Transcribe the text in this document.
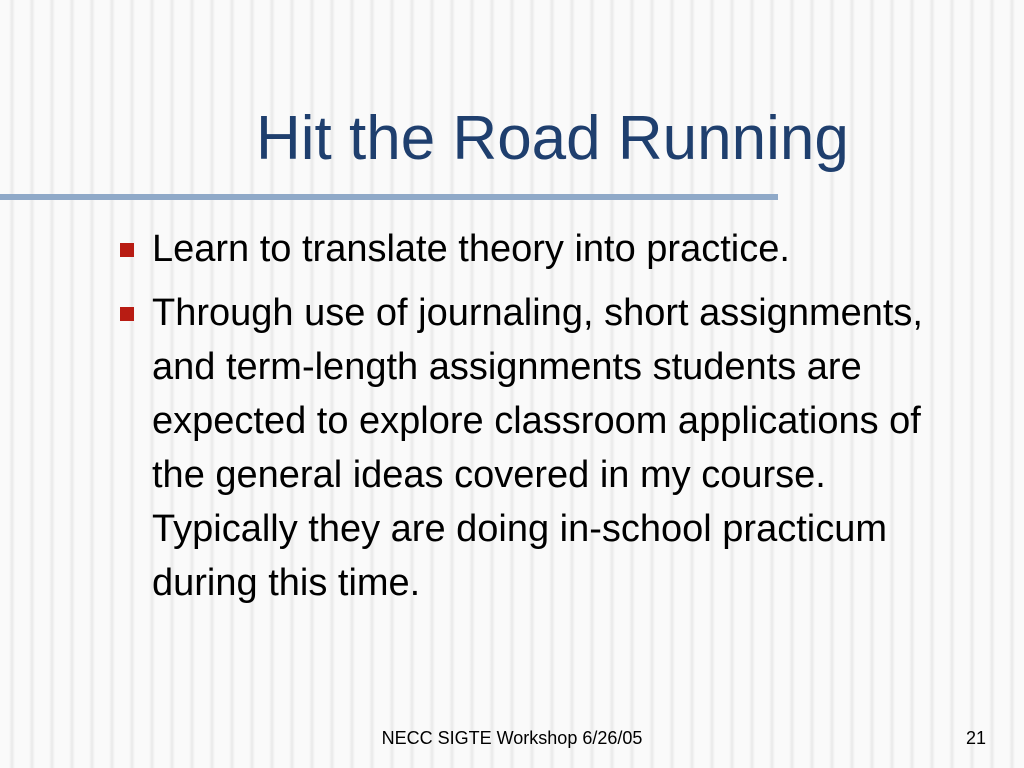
Hit the Road Running
Learn to translate theory into practice.
Through use of journaling, short assignments, and term-length assignments students are expected to explore classroom applications of the general ideas covered in my course. Typically they are doing in-school practicum during this time.
NECC SIGTE Workshop 6/26/05	21
